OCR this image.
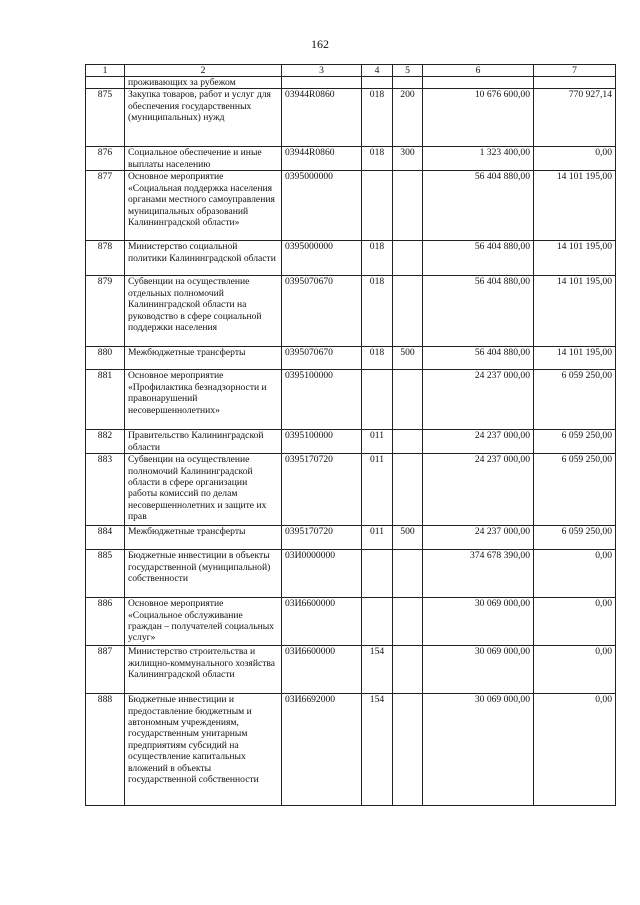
162
1	2	3	4	5	6	7
	проживающих за рубежом					
875	Закупка товаров, работ и услуг для обеспечения государственных (муниципальных) нужд	03944R0860	018	200	10 676 600,00	770 927,14
876	Социальное обеспечение и иные выплаты населению	03944R0860	018	300	1 323 400,00	0,00
877	Основное мероприятие «Социальная поддержка населения органами местного самоуправления муниципальных образований Калининградской области»	0395000000			56 404 880,00	14 101 195,00
878	Министерство социальной политики Калининградской области	0395000000	018		56 404 880,00	14 101 195,00
879	Субвенции на осуществление отдельных полномочий Калининградской области на руководство в сфере социальной поддержки населения	0395070670	018		56 404 880,00	14 101 195,00
880	Межбюджетные трансферты	0395070670	018	500	56 404 880,00	14 101 195,00
881	Основное мероприятие «Профилактика безнадзорности и правонарушений несовершеннолетних»	0395100000			24 237 000,00	6 059 250,00
882	Правительство Калининградской области	0395100000	011		24 237 000,00	6 059 250,00
883	Субвенции на осуществление полномочий Калининградской области в сфере организации работы комиссий по делам несовершеннолетних и защите их прав	0395170720	011		24 237 000,00	6 059 250,00
884	Межбюджетные трансферты	0395170720	011	500	24 237 000,00	6 059 250,00
885	Бюджетные инвестиции в объекты государственной (муниципальной) собственности	03И0000000			374 678 390,00	0,00
886	Основное мероприятие «Социальное обслуживание граждан – получателей социальных услуг»	03И6600000			30 069 000,00	0,00
887	Министерство строительства и жилищно-коммунального хозяйства Калининградской области	03И6600000	154		30 069 000,00	0,00
888	Бюджетные инвестиции и предоставление бюджетным и автономным учреждениям, государственным унитарным предприятиям субсидий на осуществление капитальных вложений в объекты государственной собственности	03И6692000	154		30 069 000,00	0,00
